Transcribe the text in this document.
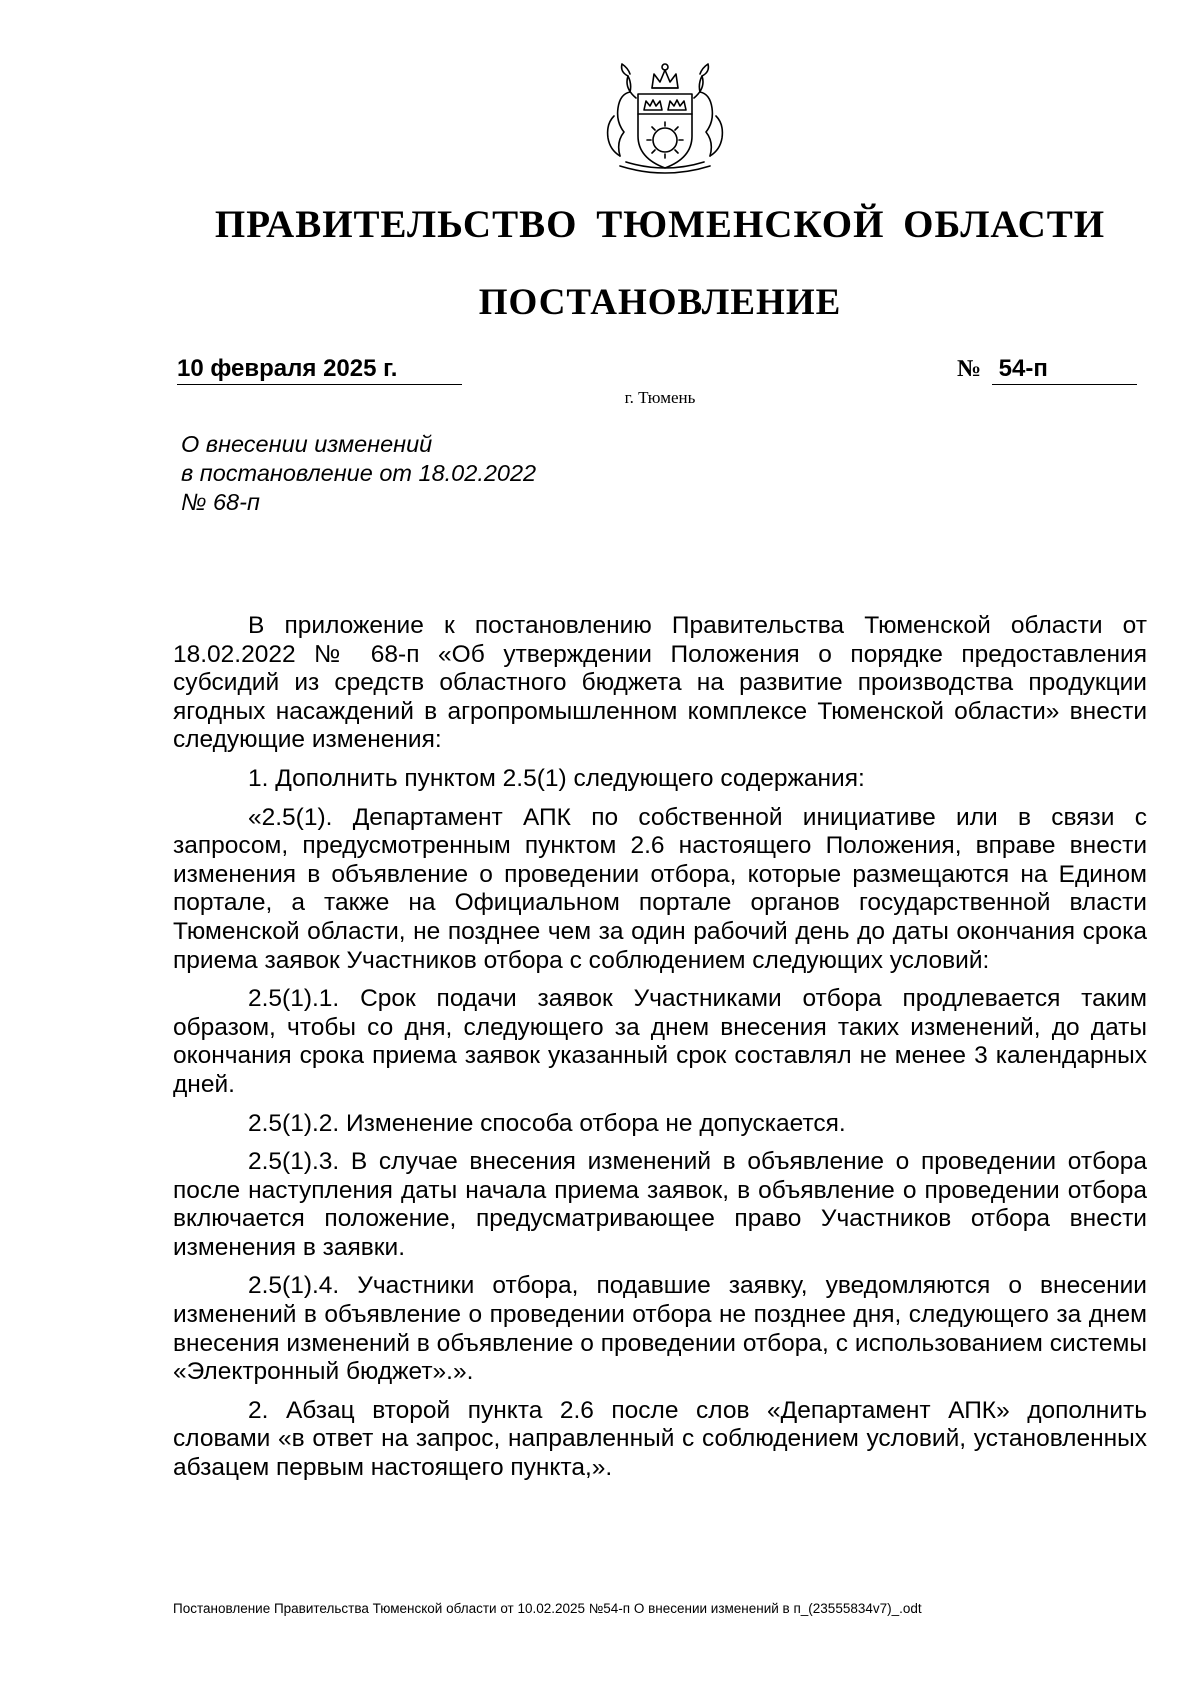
ПРАВИТЕЛЬСТВО ТЮМЕНСКОЙ ОБЛАСТИ
ПОСТАНОВЛЕНИЕ
10 февраля 2025 г.	№ 54-п
г. Тюмень
О внесении изменений
в постановление от 18.02.2022
№ 68-п

В приложение к постановлению Правительства Тюменской области от 18.02.2022 № 68-п «Об утверждении Положения о порядке предоставления субсидий из средств областного бюджета на развитие производства продукции ягодных насаждений в агропромышленном комплексе Тюменской области» внести следующие изменения:

1. Дополнить пунктом 2.5(1) следующего содержания:

«2.5(1). Департамент АПК по собственной инициативе или в связи с запросом, предусмотренным пунктом 2.6 настоящего Положения, вправе внести изменения в объявление о проведении отбора, которые размещаются на Едином портале, а также на Официальном портале органов государственной власти Тюменской области, не позднее чем за один рабочий день до даты окончания срока приема заявок Участников отбора с соблюдением следующих условий:

2.5(1).1. Срок подачи заявок Участниками отбора продлевается таким образом, чтобы со дня, следующего за днем внесения таких изменений, до даты окончания срока приема заявок указанный срок составлял не менее 3 календарных дней.

2.5(1).2. Изменение способа отбора не допускается.

2.5(1).3. В случае внесения изменений в объявление о проведении отбора после наступления даты начала приема заявок, в объявление о проведении отбора включается положение, предусматривающее право Участников отбора внести изменения в заявки.

2.5(1).4. Участники отбора, подавшие заявку, уведомляются о внесении изменений в объявление о проведении отбора не позднее дня, следующего за днем внесения изменений в объявление о проведении отбора, с использованием системы «Электронный бюджет».».

2. Абзац второй пункта 2.6 после слов «Департамент АПК» дополнить словами «в ответ на запрос, направленный с соблюдением условий, установленных абзацем первым настоящего пункта,».

Постановление Правительства Тюменской области от 10.02.2025 №54-п О внесении изменений в п_(23555834v7)_.odt
